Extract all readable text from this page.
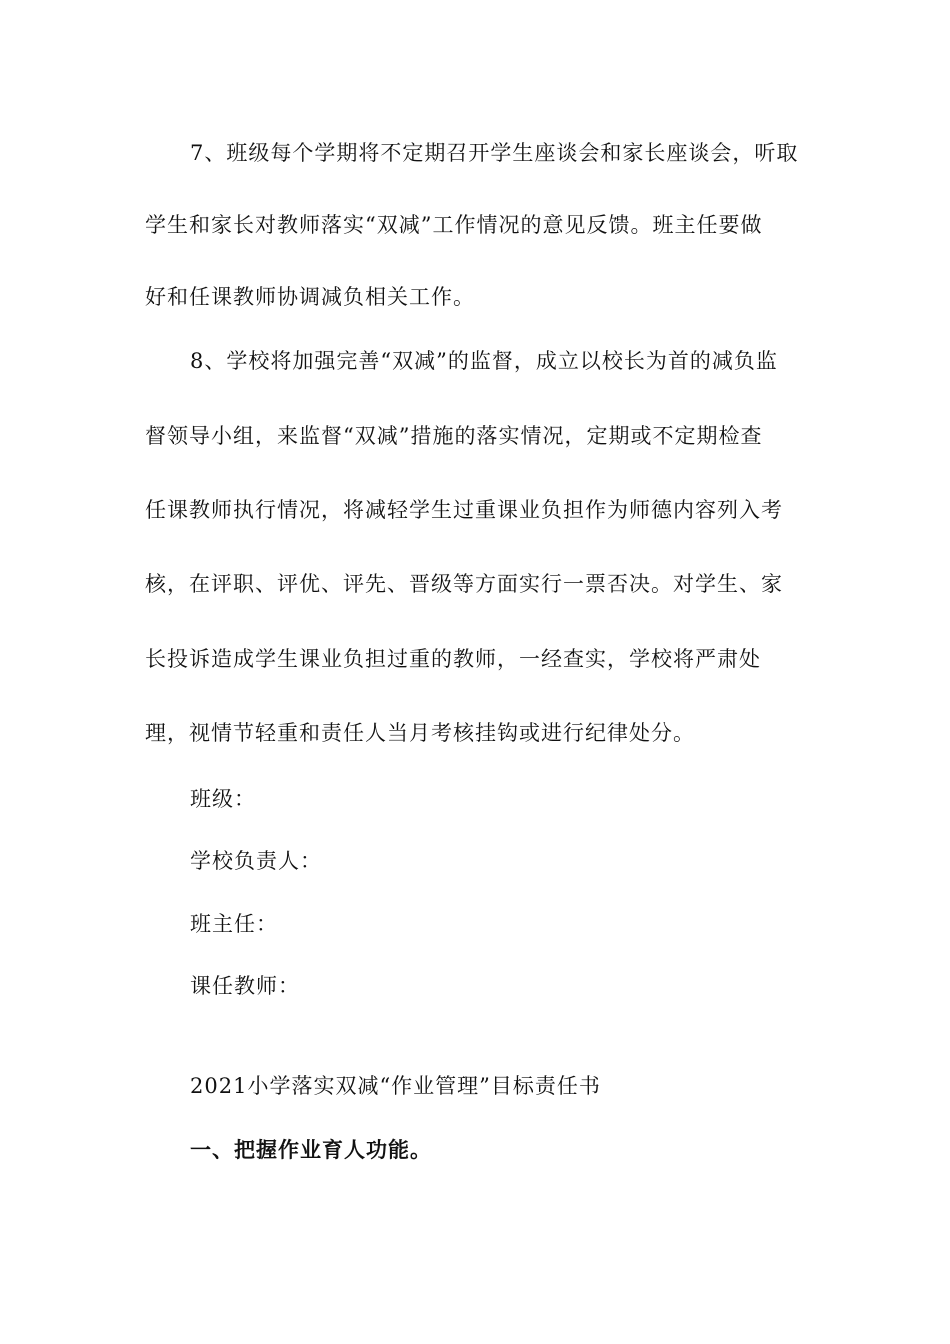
7、班级每个学期将不定期召开学生座谈会和家长座谈会，听取
学生和家长对教师落实“双减”工作情况的意见反馈。班主任要做
好和任课教师协调减负相关工作。
8、学校将加强完善“双减”的监督，成立以校长为首的减负监
督领导小组，来监督“双减”措施的落实情况，定期或不定期检查
任课教师执行情况，将减轻学生过重课业负担作为师德内容列入考
核，在评职、评优、评先、晋级等方面实行一票否决。对学生、家
长投诉造成学生课业负担过重的教师，一经查实，学校将严肃处
理，视情节轻重和责任人当月考核挂钩或进行纪律处分。
班级：
学校负责人：
班主任：
课任教师：
2021小学落实双减“作业管理”目标责任书
一、把握作业育人功能。
